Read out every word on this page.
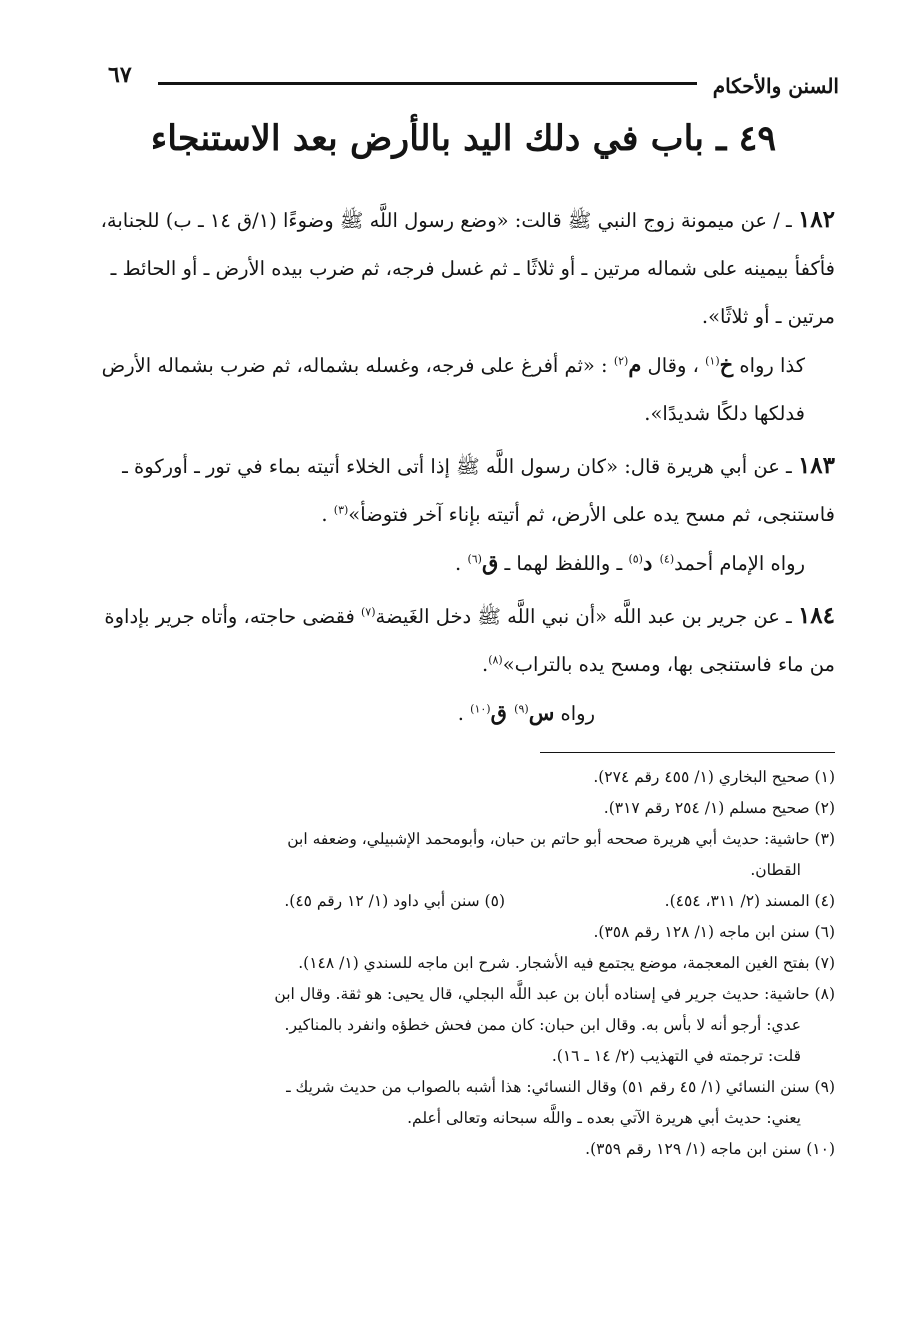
السنن والأحكام
٦٧
٤٩ ـ باب في دلك اليد بالأرض بعد الاستنجاء

١٨٢ ـ / عن ميمونة زوج النبي ﷺ قالت: «وضع رسول اللَّه ﷺ وضوءًا (١/ق ١٤ ـ ب) للجنابة، فأكفأ بيمينه على شماله مرتين ـ أو ثلاثًا ـ ثم غسل فرجه، ثم ضرب بيده الأرض ـ أو الحائط ـ مرتين ـ أو ثلاثًا».

كذا رواه خ$^{(١)}$ ، وقال م$^{(٢)}$ : «ثم أفرغ على فرجه، وغسله بشماله، ثم ضرب بشماله الأرض فدلكها دلكًا شديدًا».

١٨٣ ـ عن أبي هريرة قال: «كان رسول اللَّه ﷺ إذا أتى الخلاء أتيته بماء في تور ـ أوركوة ـ فاستنجى، ثم مسح يده على الأرض، ثم أتيته بإناء آخر فتوضأ»$^{(٣)}$ .

رواه الإمام أحمد$^{(٤)}$ د$^{(٥)}$ ـ واللفظ لهما ـ ق$^{(٦)}$ .

١٨٤ ـ عن جرير بن عبد اللَّه «أن نبي اللَّه ﷺ دخل الغَيضة$^{(٧)}$ فقضى حاجته، وأتاه جرير بإداوة من ماء فاستنجى بها، ومسح يده بالتراب»$^{(٨)}$.

رواه س$^{(٩)}$ ق$^{(١٠)}$ .

(١) صحيح البخاري (١/ ٤٥٥ رقم ٢٧٤).
(٢) صحيح مسلم (١/ ٢٥٤ رقم ٣١٧).
(٣) حاشية: حديث أبي هريرة صححه أبو حاتم بن حبان، وأبومحمد الإشبيلي، وضعفه ابن
القطان.
(٤) المسند (٢/ ٣١١، ٤٥٤).
(٥) سنن أبي داود (١/ ١٢ رقم ٤٥).
(٦) سنن ابن ماجه (١/ ١٢٨ رقم ٣٥٨).
(٧) بفتح الغين المعجمة، موضع يجتمع فيه الأشجار. شرح ابن ماجه للسندي (١/ ١٤٨).
(٨) حاشية: حديث جرير في إسناده أبان بن عبد اللَّه البجلي، قال يحيى: هو ثقة. وقال ابن
عدي: أرجو أنه لا بأس به. وقال ابن حبان: كان ممن فحش خطؤه وانفرد بالمناكير.
قلت: ترجمته في التهذيب (٢/ ١٤ ـ ١٦).
(٩) سنن النسائي (١/ ٤٥ رقم ٥١) وقال النسائي: هذا أشبه بالصواب من حديث شريك ـ
يعني: حديث أبي هريرة الآتي بعده ـ واللَّه سبحانه وتعالى أعلم.
(١٠) سنن ابن ماجه (١/ ١٢٩ رقم ٣٥٩).
